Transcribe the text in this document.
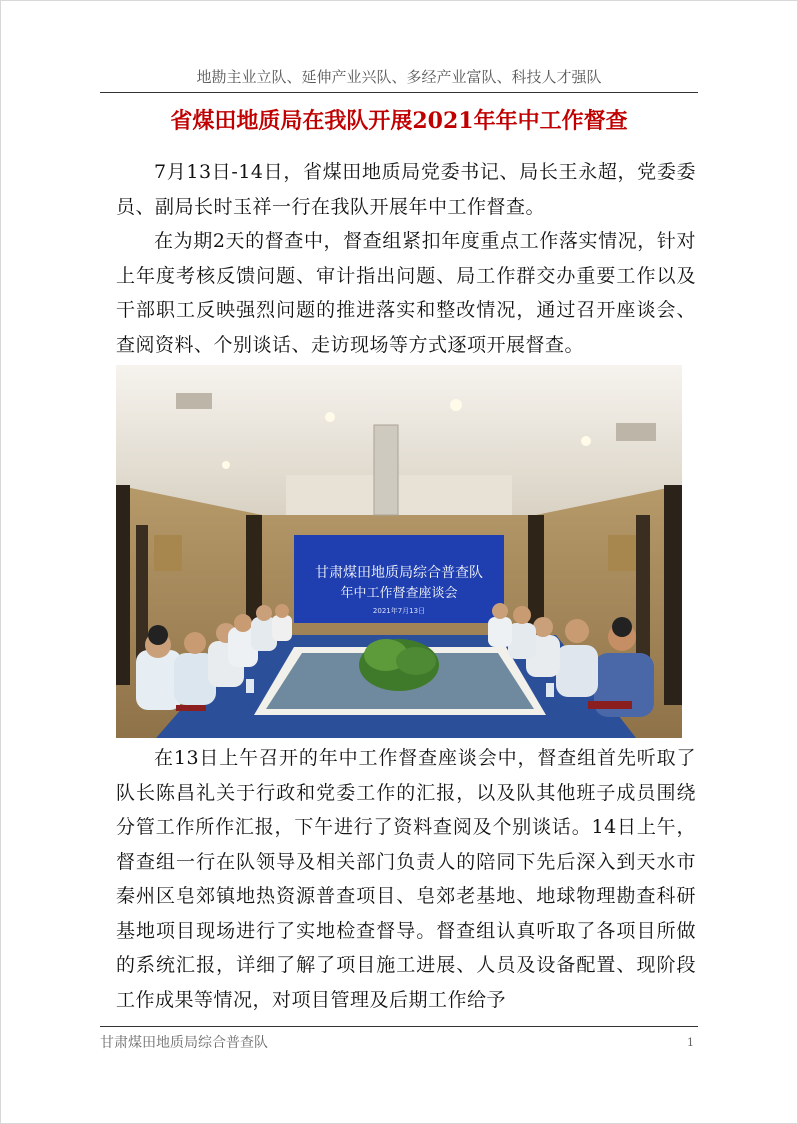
地勘主业立队、延伸产业兴队、多经产业富队、科技人才强队
省煤田地质局在我队开展2021年年中工作督查

7月13日-14日，省煤田地质局党委书记、局长王永超，党委委员、副局长时玉祥一行在我队开展年中工作督查。

在为期2天的督查中，督查组紧扣年度重点工作落实情况，针对上年度考核反馈问题、审计指出问题、局工作群交办重要工作以及干部职工反映强烈问题的推进落实和整改情况，通过召开座谈会、查阅资料、个别谈话、走访现场等方式逐项开展督查。

甘肃煤田地质局综合普查队
年中工作督查座谈会
2021年7月13日

在13日上午召开的年中工作督查座谈会中，督查组首先听取了队长陈昌礼关于行政和党委工作的汇报，以及队其他班子成员围绕分管工作所作汇报，下午进行了资料查阅及个别谈话。14日上午，督查组一行在队领导及相关部门负责人的陪同下先后深入到天水市秦州区皂郊镇地热资源普查项目、皂郊老基地、地球物理勘查科研基地项目现场进行了实地检查督导。督查组认真听取了各项目所做的系统汇报，详细了解了项目施工进展、人员及设备配置、现阶段工作成果等情况，对项目管理及后期工作给予

甘肃煤田地质局综合普查队	1
